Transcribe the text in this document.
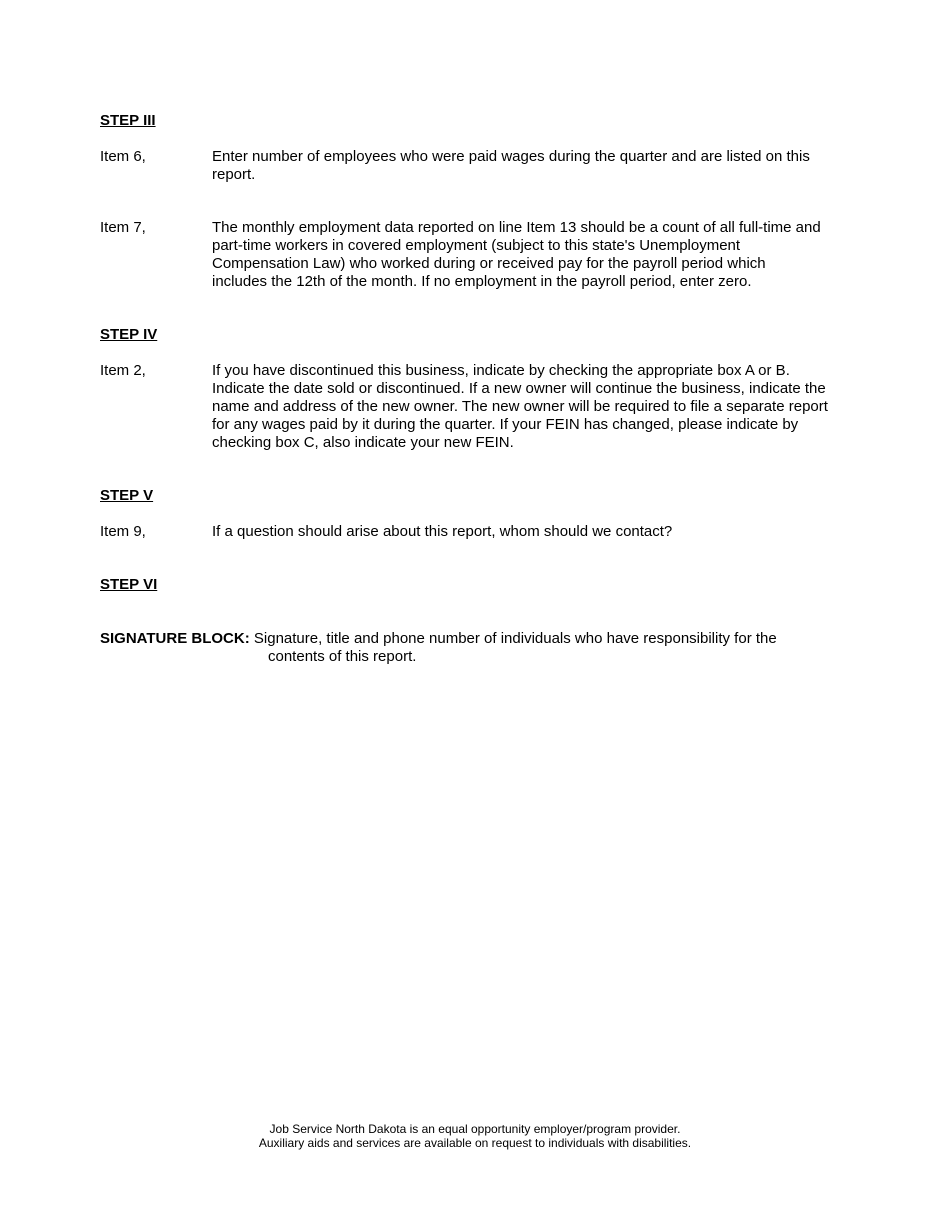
STEP III
Item 6,	Enter number of employees who were paid wages during the quarter and are listed on this report.

Item 7,	The monthly employment data reported on line Item 13 should be a count of all full-time and part-time workers in covered employment (subject to this state's Unemployment Compensation Law) who worked during or received pay for the payroll period which includes the 12th of the month. If no employment in the payroll period, enter zero.

STEP IV
Item 2,	If you have discontinued this business, indicate by checking the appropriate box A or B. Indicate the date sold or discontinued. If a new owner will continue the business, indicate the name and address of the new owner. The new owner will be required to file a separate report for any wages paid by it during the quarter. If your FEIN has changed, please indicate by checking box C, also indicate your new FEIN.

STEP V
Item 9,	If a question should arise about this report, whom should we contact?

STEP VI
SIGNATURE BLOCK: Signature, title and phone number of individuals who have responsibility for the
contents of this report.
Job Service North Dakota is an equal opportunity employer/program provider.
Auxiliary aids and services are available on request to individuals with disabilities.
